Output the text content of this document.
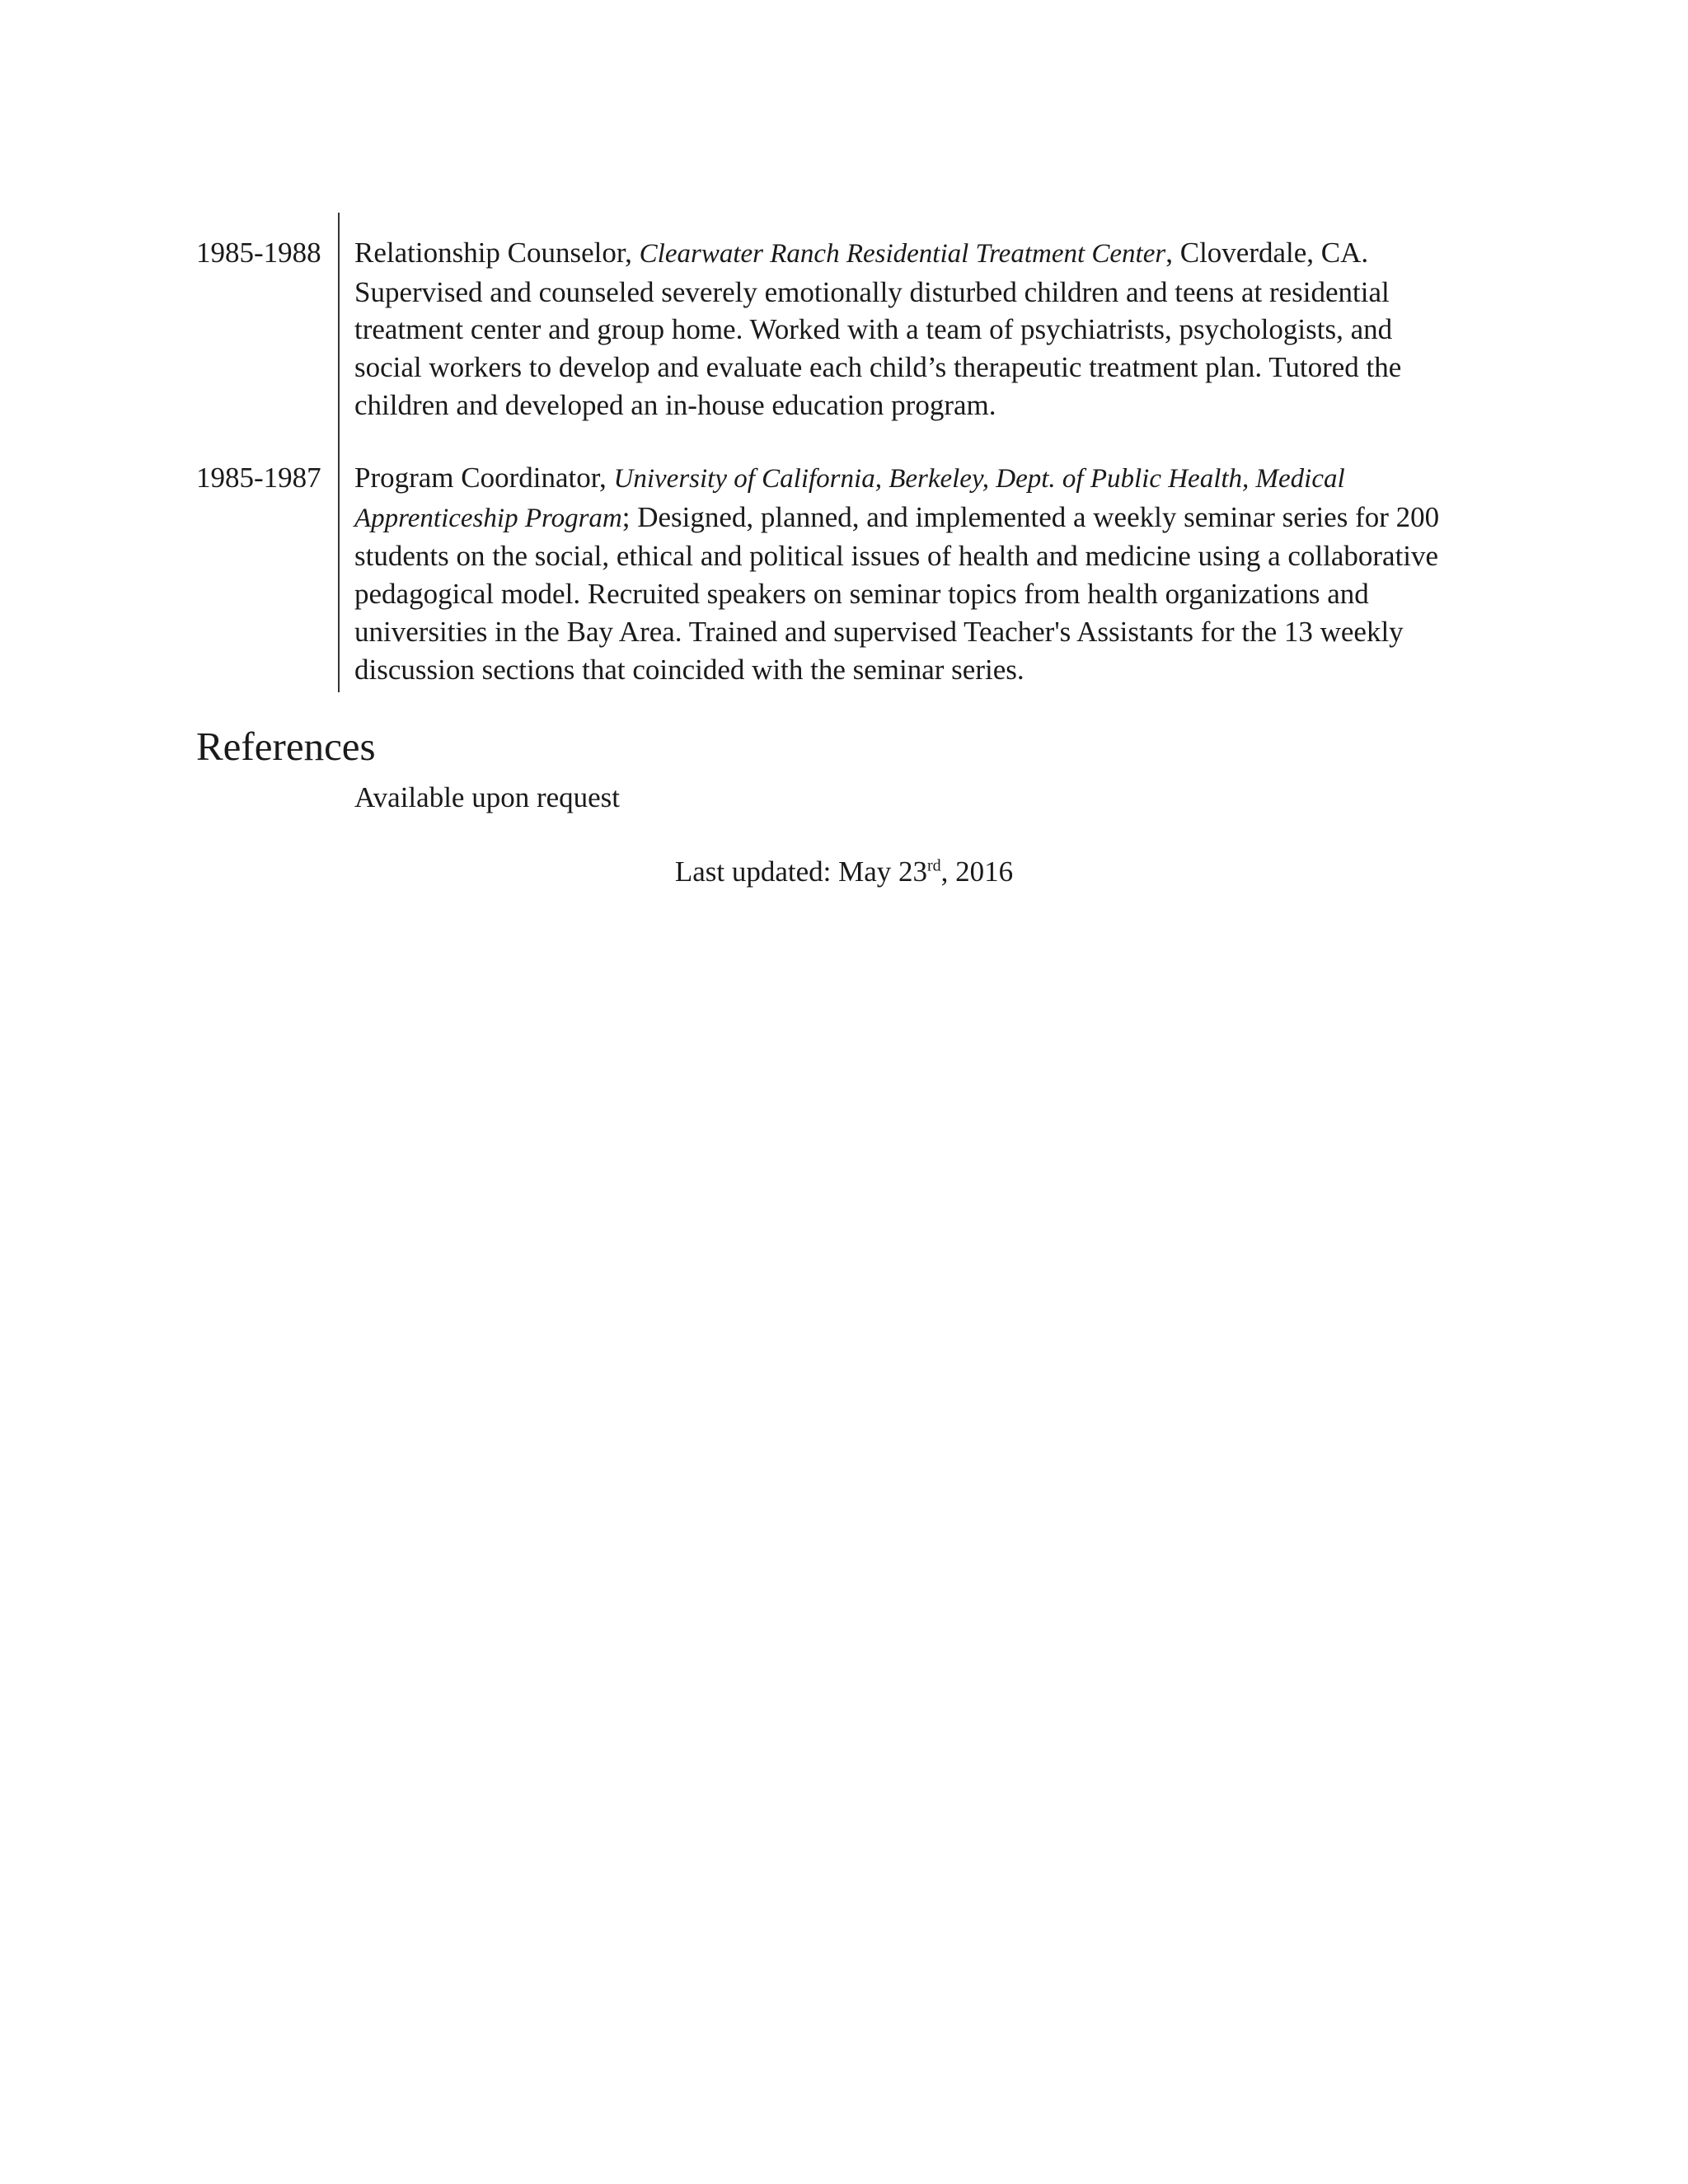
1985-1988 Relationship Counselor, Clearwater Ranch Residential Treatment Center, Cloverdale, CA.
Supervised and counseled severely emotionally disturbed children and teens at residential
treatment center and group home. Worked with a team of psychiatrists, psychologists, and
social workers to develop and evaluate each child’s therapeutic treatment plan. Tutored the
children and developed an in-house education program.
1985-1987 Program Coordinator, University of California, Berkeley, Dept. of Public Health, Medical
Apprenticeship Program; Designed, planned, and implemented a weekly seminar series for 200
students on the social, ethical and political issues of health and medicine using a collaborative
pedagogical model. Recruited speakers on seminar topics from health organizations and
universities in the Bay Area. Trained and supervised Teacher's Assistants for the 13 weekly
discussion sections that coincided with the seminar series.
References
Available upon request
Last updated: May 23rd, 2016
